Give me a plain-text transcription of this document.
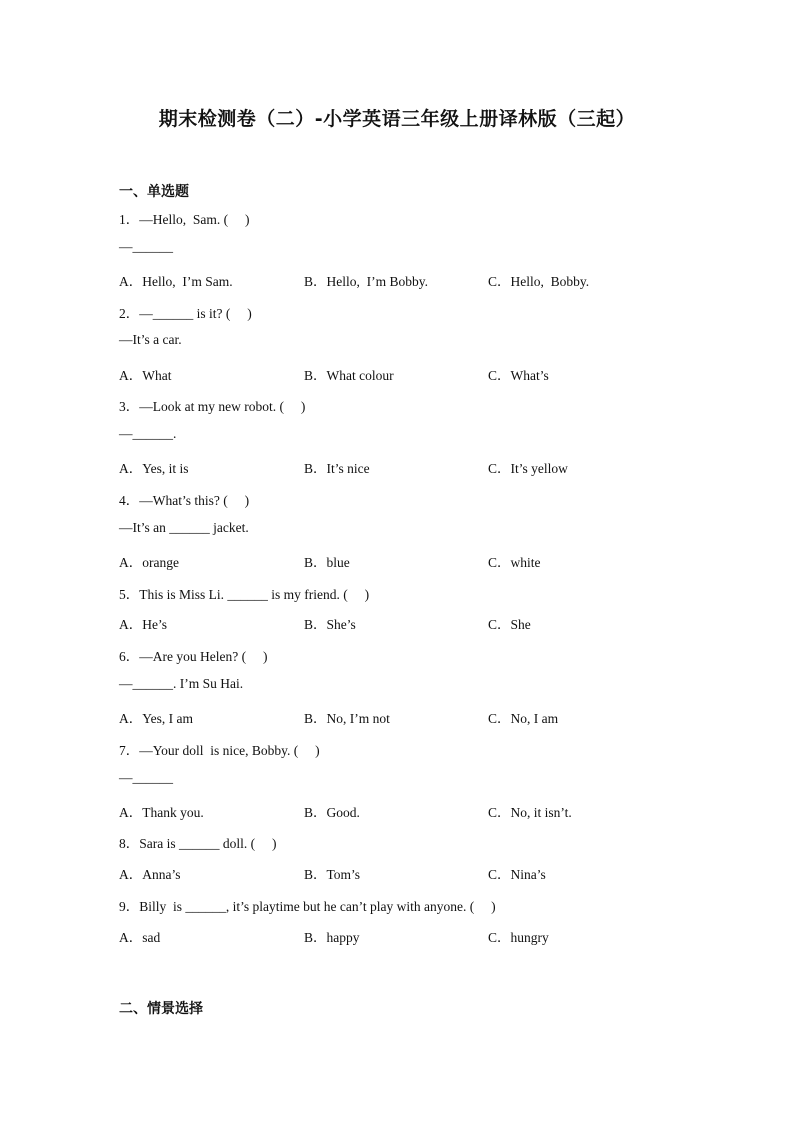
期末检测卷（二）-小学英语三年级上册译林版（三起）
一、单选题
1．—Hello,  Sam. (     )
—______
A．Hello,  I’m Sam.	B．Hello,  I’m Bobby.	C．Hello,  Bobby.
2．—______ is it? (     )
—It’s a car.
A．What	B．What colour	C．What’s
3．—Look at my new robot. (     )
—______.
A．Yes, it is	B．It’s nice	C．It’s yellow
4．—What’s this? (     )
—It’s an ______ jacket.
A．orange	B．blue	C．white
5．This is Miss Li. ______ is my friend. (     )
A．He’s	B．She’s	C．She
6．—Are you Helen? (     )
—______. I’m Su Hai.
A．Yes, I am	B．No, I’m not	C．No, I am
7．—Your doll  is nice, Bobby. (     )
—______
A．Thank you.	B．Good.	C．No, it isn’t.
8．Sara is ______ doll. (     )
A．Anna’s	B．Tom’s	C．Nina’s
9．Billy  is ______, it’s playtime but he can’t play with anyone. (     )
A．sad	B．happy	C．hungry
二、情景选择
